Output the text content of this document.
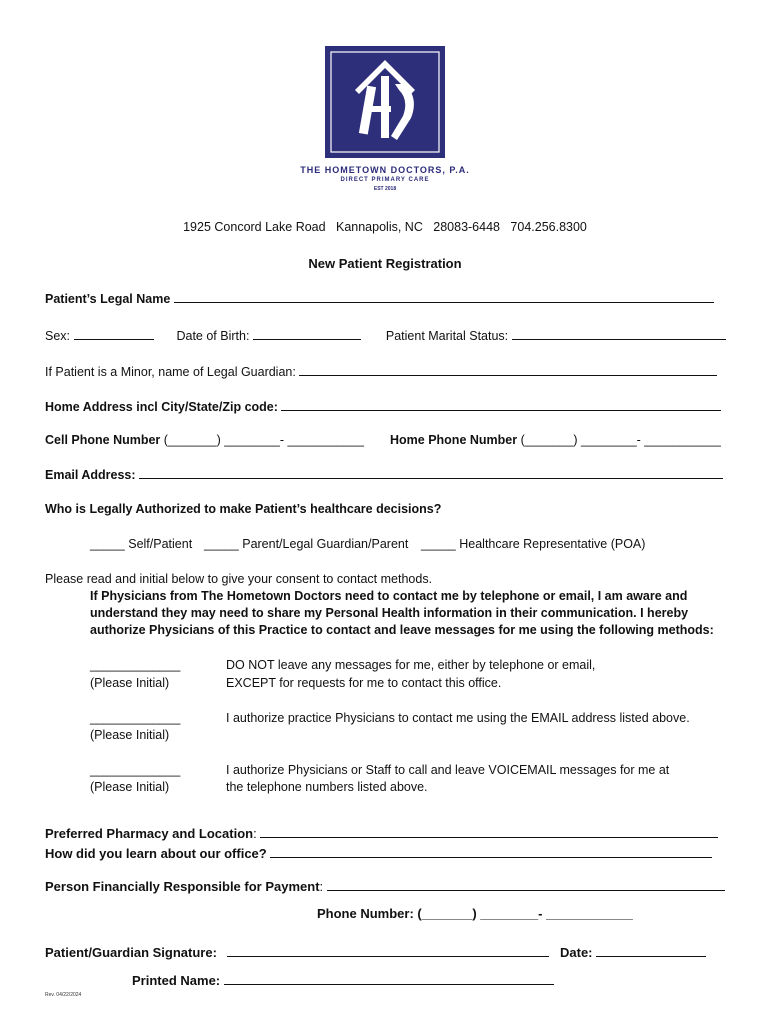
THE HOMETOWN DOCTORS, P.A.
DIRECT PRIMARY CARE
EST 2018
1925 Concord Lake Road   Kannapolis, NC   28083-6448   704.256.8300
New Patient Registration
Patient’s Legal Name
Sex:	Date of Birth:	Patient Marital Status:
If Patient is a Minor, name of Legal Guardian:
Home Address incl City/State/Zip code:
Cell Phone Number (_______) ________- ___________ Home Phone Number (_______) ________- ___________
Email Address:
Who is Legally Authorized to make Patient’s healthcare decisions?
_____ Self/Patient _____ Parent/Legal Guardian/Parent _____ Healthcare Representative (POA)
Please read and initial below to give your consent to contact methods.
If Physicians from The Hometown Doctors need to contact me by telephone or email, I am aware and
understand they may need to share my Personal Health information in their communication. I hereby
authorize Physicians of this Practice to contact and leave messages for me using the following methods:
_____________
(Please Initial)
DO NOT leave any messages for me, either by telephone or email,
EXCEPT for requests for me to contact this office.
_____________
(Please Initial)
I authorize practice Physicians to contact me using the EMAIL address listed above.
_____________
(Please Initial)
I authorize Physicians or Staff to call and leave VOICEMAIL messages for me at
the telephone numbers listed above.
Preferred Pharmacy and Location:
How did you learn about our office?
Person Financially Responsible for Payment:
Phone Number: (_______) ________- ____________
Patient/Guardian Signature:	Date:
Printed Name:
Rev. 04/22/2024
